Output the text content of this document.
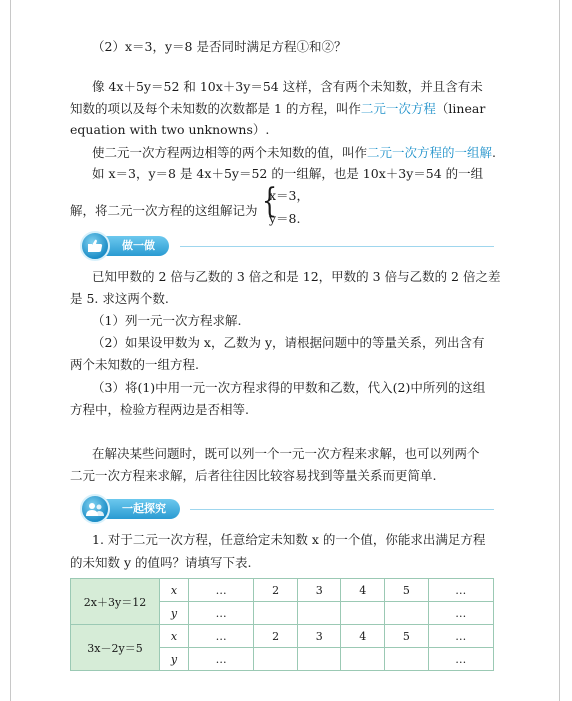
（2）x＝3，y＝8 是否同时满足方程①和②？
像 4x＋5y＝52 和 10x＋3y＝54 这样，含有两个未知数，并且含有未
知数的项以及每个未知数的次数都是 1 的方程，叫作二元一次方程（linear
equation with two unknowns）.
使二元一次方程两边相等的两个未知数的值，叫作二元一次方程的一组解.
如 x＝3，y＝8 是 4x＋5y＝52 的一组解，也是 10x＋3y＝54 的一组
解，将二元一次方程的这组解记为 {
x＝3，
y＝8.
做一做
已知甲数的 2 倍与乙数的 3 倍之和是 12，甲数的 3 倍与乙数的 2 倍之差
是 5. 求这两个数.
（1）列一元一次方程求解.
（2）如果设甲数为 x，乙数为 y，请根据问题中的等量关系，列出含有
两个未知数的一组方程.
（3）将(1)中用一元一次方程求得的甲数和乙数，代入(2)中所列的这组
方程中，检验方程两边是否相等.
在解决某些问题时，既可以列一个一元一次方程来求解，也可以列两个
二元一次方程来求解，后者往往因比较容易找到等量关系而更简单.
一起探究
1. 对于二元一次方程，任意给定未知数 x 的一个值，你能求出满足方程
的未知数 y 的值吗？请填写下表.
2x＋3y＝12	x	…	2	3	4	5	…
	y	…					…
3x－2y＝5	x	…	2	3	4	5	…
	y	…					…
